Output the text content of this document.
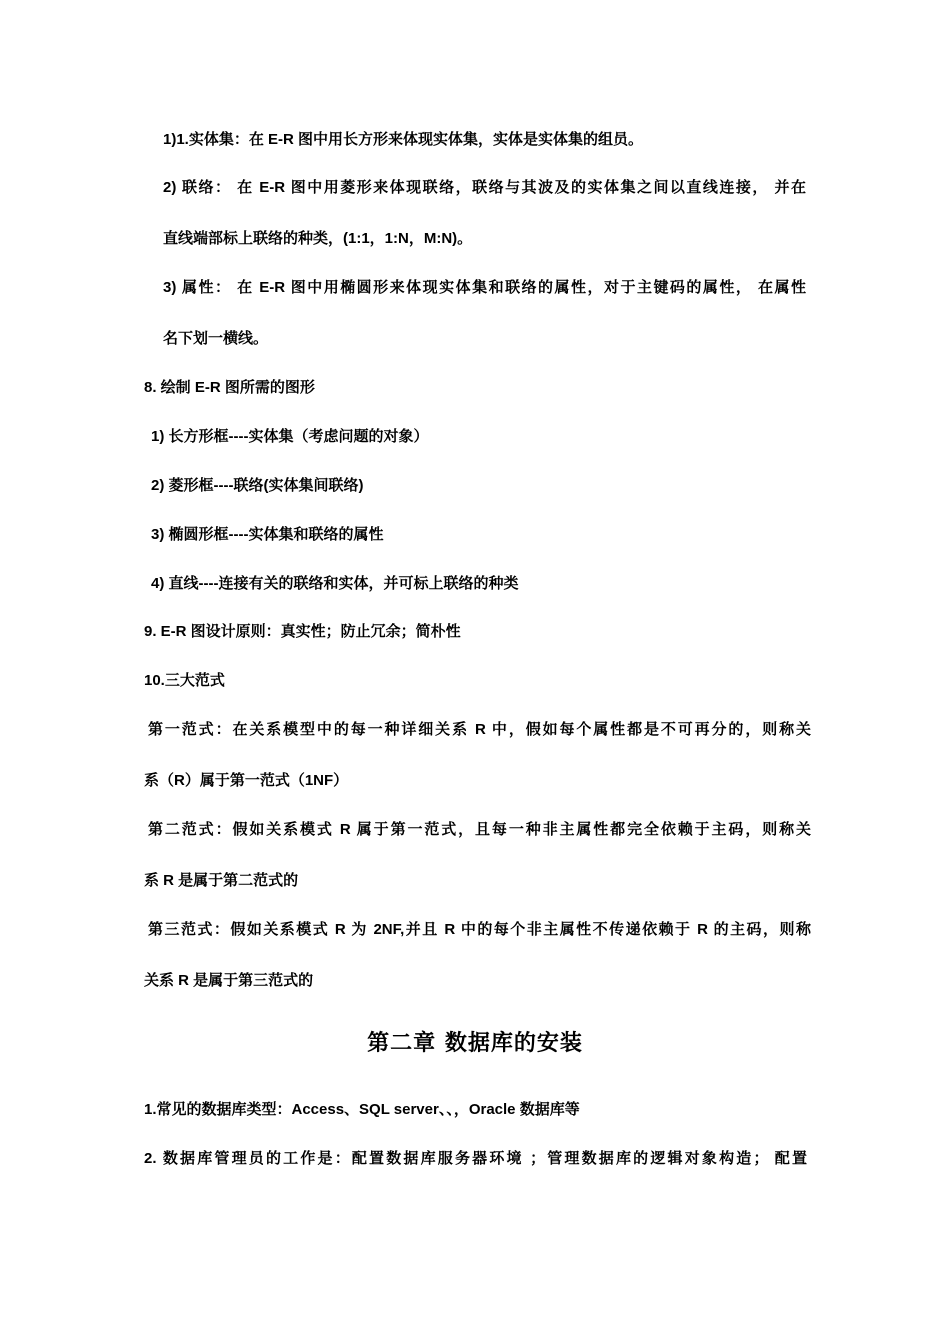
1)1.实体集：在 E-R 图中用长方形来体现实体集，实体是实体集的组员。
2) 联络： 在 E-R 图中用菱形来体现联络，联络与其波及的实体集之间以直线连接， 并在
直线端部标上联络的种类，(1:1，1:N，M:N)。
3) 属性： 在 E-R 图中用椭圆形来体现实体集和联络的属性，对于主键码的属性， 在属性
名下划一横线。
8. 绘制 E-R 图所需的图形
1) 长方形框----实体集（考虑问题的对象）
2) 菱形框----联络(实体集间联络)
3) 椭圆形框----实体集和联络的属性
4) 直线----连接有关的联络和实体，并可标上联络的种类
9. E-R 图设计原则：真实性；防止冗余；简朴性
10.三大范式
第一范式：在关系模型中的每一种详细关系 R 中，假如每个属性都是不可再分的，则称关
系（R）属于第一范式（1NF）
第二范式：假如关系模式 R 属于第一范式，且每一种非主属性都完全依赖于主码，则称关
系 R 是属于第二范式的
第三范式：假如关系模式 R 为 2NF,并且 R 中的每个非主属性不传递依赖于 R 的主码，则称
关系 R 是属于第三范式的
第二章 数据库的安装
1.常见的数据库类型：Access、SQL server、、，Oracle 数据库等
2. 数据库管理员的工作是：配置数据库服务器环境 ；管理数据库的逻辑对象构造； 配置
